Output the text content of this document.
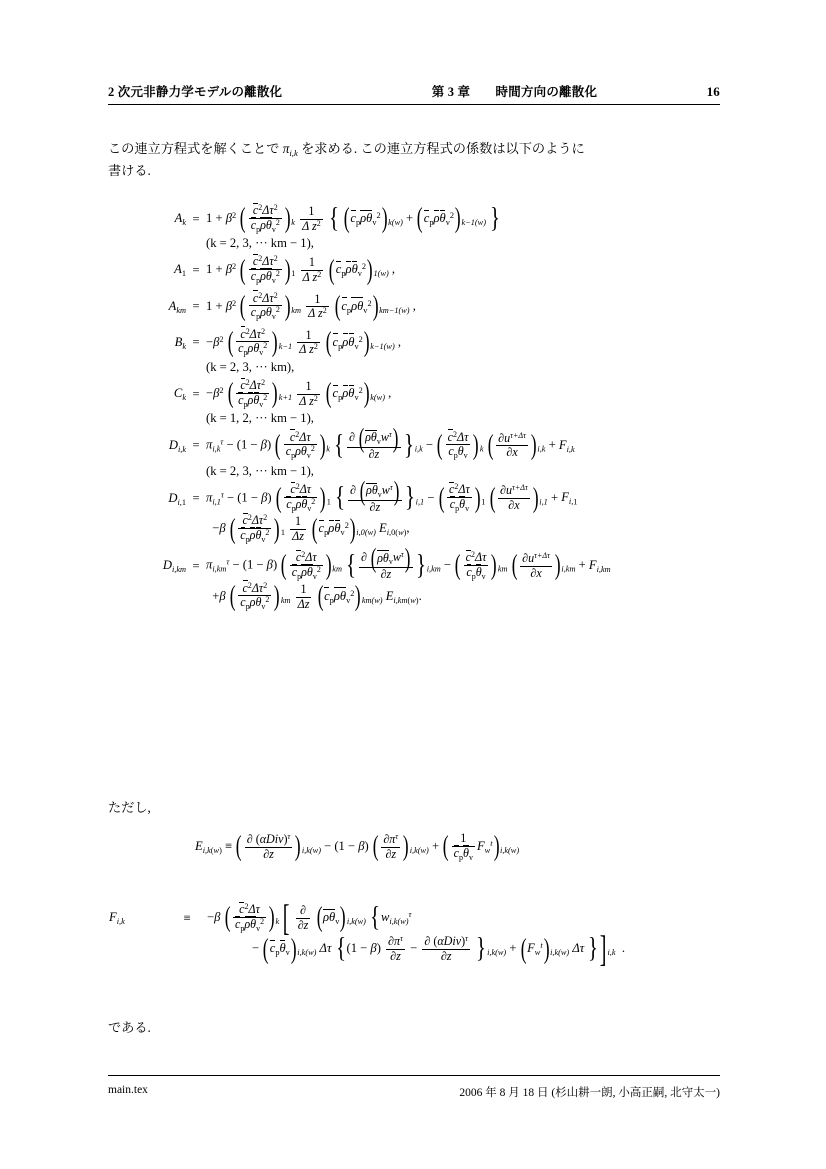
2 次元非静力学モデルの離散化	第 3 章 時間方向の離散化	16
この連立方程式を解くことで $\pi_{i,k}$ を求める. この連立方程式の係数は以下のように
書ける.
$A_k$	=	$1 + \beta^2$ ( $\frac{c^2\Delta\tau^2}{c_p\rho\theta_v^2} )_k \frac{1}{\Delta z^2}$ { $(c_p\rho\theta_v^2)_{k(w)} + (c_p\rho\theta_v^2)_{k-1(w)}$ }
		(k = 2, 3, ··· km − 1),
$A_1$	=	$1 + \beta^2$ ( $\frac{c^2\Delta\tau^2}{c_p\rho\theta_v^2} )_1 \frac{1}{\Delta z^2} (c_p\rho\theta_v^2)_{1(w)}$ ,

$A_{km}$	=	$1 + \beta^2$ ( $\frac{c^2\Delta\tau^2}{c_p\rho\theta_v^2} )_{km} \frac{1}{\Delta z^2} (c_p\rho\theta_v^2)_{km-1(w)}$ ,

$B_k$	=	$-\beta^2$ ( $\frac{c^2\Delta\tau^2}{c_p\rho\theta_v^2} )_{k-1} \frac{1}{\Delta z^2} (c_p\rho\theta_v^2)_{k-1(w)}$ ,
		(k = 2, 3, ··· km),
$C_k$	=	$-\beta^2$ ( $\frac{c^2\Delta\tau^2}{c_p\rho\theta_v^2} )_{k+1} \frac{1}{\Delta z^2} (c_p\rho\theta_v^2)_{k(w)}$ ,
		(k = 1, 2, ··· km − 1),
$D_{i,k}$	=	$\pi_{i,k}^\tau - (1 - \beta)$ ( $\frac{c^2\Delta\tau}{c_p\rho\theta_v^2} )_k$ { $\frac{\partial (\rho\theta_vw^\tau)}{\partial z} \}_{i,k}$ − ( $\frac{c^2\Delta\tau}{c_p\theta_v} )_k$ ( $\frac{\partial u^{\tau+\Delta\tau}}{\partial x} )_{i,k} + F_{i,k}$
		(k = 2, 3, ··· km − 1),
$D_{i,1}$	=	$\pi_{i,1}^\tau - (1 - \beta)$ ( $\frac{c^2\Delta\tau}{c_p\rho\theta_v^2} )_1$ { $\frac{\partial (\rho\theta_vw^\tau)}{\partial z} \}_{i,1}$ − ( $\frac{c^2\Delta\tau}{c_p\theta_v} )_1$ ( $\frac{\partial u^{\tau+\Delta\tau}}{\partial x} )_{i,1} + F_{i,1}$
		−β ( $\frac{c^2\Delta\tau^2}{c_p\rho\theta_v^2} )_1 \frac{1}{\Delta z} (c_p\rho\theta_v^2)_{i,0(w)}$ $E_{i,0(w)}$,

$D_{i,km}$	=	$\pi_{i,km}^\tau - (1 - \beta)$ ( $\frac{c^2\Delta\tau}{c_p\rho\theta_v^2} )_{km}$ { $\frac{\partial (\rho\theta_vw^\tau)}{\partial z} \}_{i,km}$ − ( $\frac{c^2\Delta\tau}{c_p\theta_v} )_{km}$ ( $\frac{\partial u^{\tau+\Delta\tau}}{\partial x} )_{i,km} + F_{i,km}$
		+β ( $\frac{c^2\Delta\tau^2}{c_p\rho\theta_v^2} )_{km} \frac{1}{\Delta z} (c_p\rho\theta_v^2)_{km(w)}$ $E_{i,km(w)}$.
ただし,
$E_{i,k(w)}$ ≡ ( $\frac{\partial (\alpha Div)^\tau}{\partial z} )_{i,k(w)} - (1 - \beta)$ ( $\frac{\partial\pi^\tau}{\partial z} )_{i,k(w)}$ + ( $\frac{1}{c_p\theta_v} F_w^t)_{i,k(w)}$
$F_{i,k}$	≡	−β ( $\frac{c^2\Delta\tau}{c_p\rho\theta_v^2} )_k$ [ $\frac{\partial}{\partial z} (\rho\theta_v)_{i,k(w)}$ {$w_{i,k(w)}^\tau$
		− $(c_p\theta_v)_{i,k(w)}$ Δτ $\{(1 - \beta) \frac{\partial\pi^\tau}{\partial z} - \frac{\partial (\alpha Div)^\tau}{\partial z} \}_{i,k(w)} + (F_w^t)_{i,k(w)}$ Δτ }]$_{i,k}$  .
である.
main.tex	2006 年 8 月 18 日 (杉山耕一朗, 小高正嗣, 北守太一)
